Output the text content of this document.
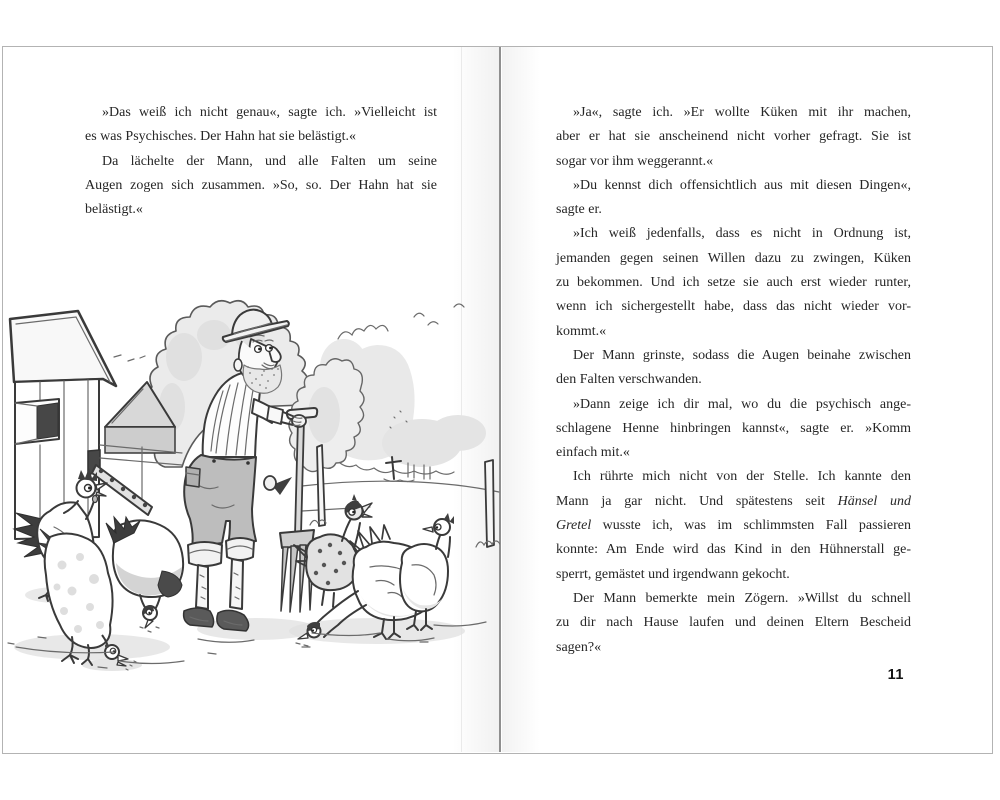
»Das weiß ich nicht genau«, sagte ich. »Vielleicht ist
es was Psychisches. Der Hahn hat sie belästigt.«
Da lächelte der Mann, und alle Falten um seine
Augen zogen sich zusammen. »So, so. Der Hahn hat sie
belästigt.«
»Ja«, sagte ich. »Er wollte Küken mit ihr machen,
aber er hat sie anscheinend nicht vorher gefragt. Sie ist
sogar vor ihm weggerannt.«
»Du kennst dich offensichtlich aus mit diesen Dingen«,
sagte er.
»Ich weiß jedenfalls, dass es nicht in Ordnung ist,
jemanden gegen seinen Willen dazu zu zwingen, Küken
zu bekommen. Und ich setze sie auch erst wieder runter,
wenn ich sichergestellt habe, dass das nicht wieder vor-
kommt.«
Der Mann grinste, sodass die Augen beinahe zwischen
den Falten verschwanden.
»Dann zeige ich dir mal, wo du die psychisch ange-
schlagene Henne hinbringen kannst«, sagte er. »Komm
einfach mit.«
Ich rührte mich nicht von der Stelle. Ich kannte den
Mann ja gar nicht. Und spätestens seit Hänsel und
Gretel wusste ich, was im schlimmsten Fall passieren
konnte: Am Ende wird das Kind in den Hühnerstall ge-
sperrt, gemästet und irgendwann gekocht.
Der Mann bemerkte mein Zögern. »Willst du schnell
zu dir nach Hause laufen und deinen Eltern Bescheid
sagen?«
11
